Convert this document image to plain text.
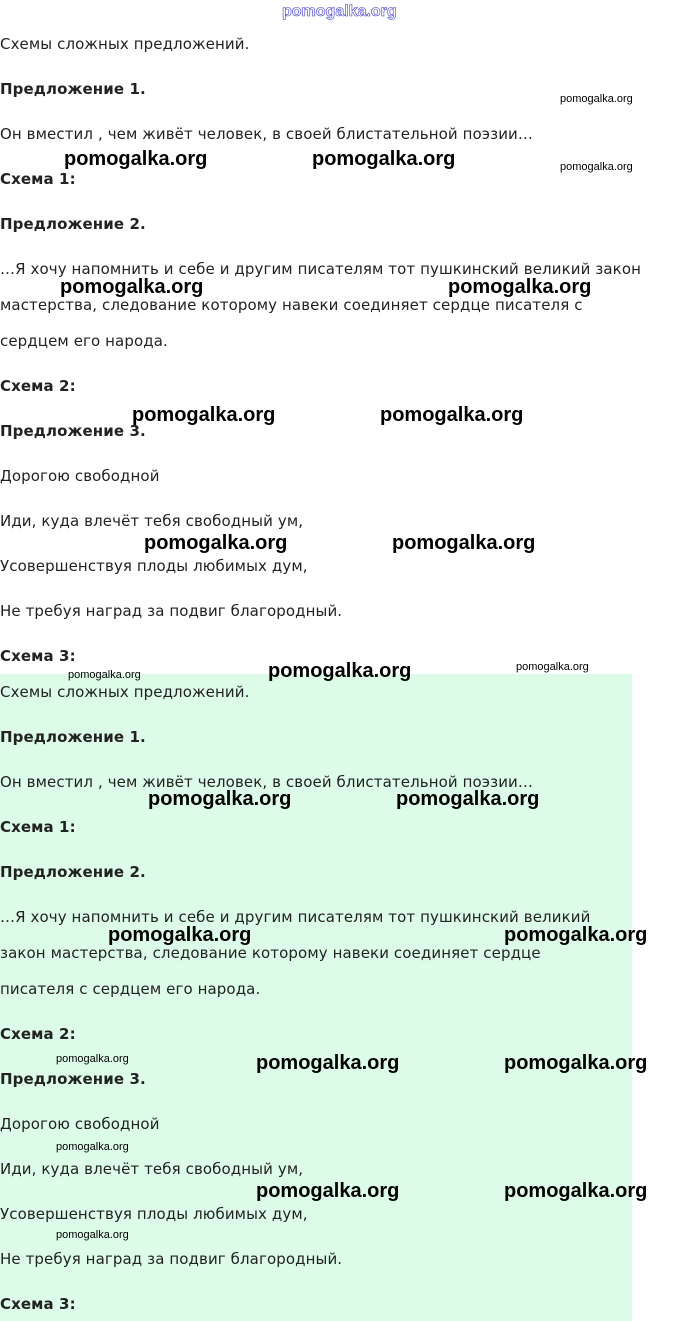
pomogalka.org
Схемы сложных предложений.
Предложение 1.
Он вместил , чем живёт человек, в своей блистательной поэзии…
Схема 1:
Предложение 2.
…Я хочу напомнить и себе и другим писателям тот пушкинский великий закон
мастерства, следование которому навеки соединяет сердце писателя с
сердцем его народа.
Схема 2:
Предложение 3.
Дорогою свободной
Иди, куда влечёт тебя свободный ум,
Усовершенствуя плоды любимых дум,
Не требуя наград за подвиг благородный.
Схема 3:
Схемы сложных предложений.
Предложение 1.
Он вместил , чем живёт человек, в своей блистательной поэзии…
Схема 1:
Предложение 2.
…Я хочу напомнить и себе и другим писателям тот пушкинский великий
закон мастерства, следование которому навеки соединяет сердце
писателя с сердцем его народа.
Схема 2:
Предложение 3.
Дорогою свободной
Иди, куда влечёт тебя свободный ум,
Усовершенствуя плоды любимых дум,
Не требуя наград за подвиг благородный.
Схема 3:
pomogalka.org
pomogalka.org	pomogalka.org	pomogalka.org
pomogalka.org	pomogalka.org
pomogalka.org	pomogalka.org
pomogalka.org	pomogalka.org
pomogalka.org	pomogalka.org	pomogalka.org
pomogalka.org	pomogalka.org
pomogalka.org	pomogalka.org
pomogalka.org	pomogalka.org	pomogalka.org
pomogalka.org
pomogalka.org	pomogalka.org
pomogalka.org
